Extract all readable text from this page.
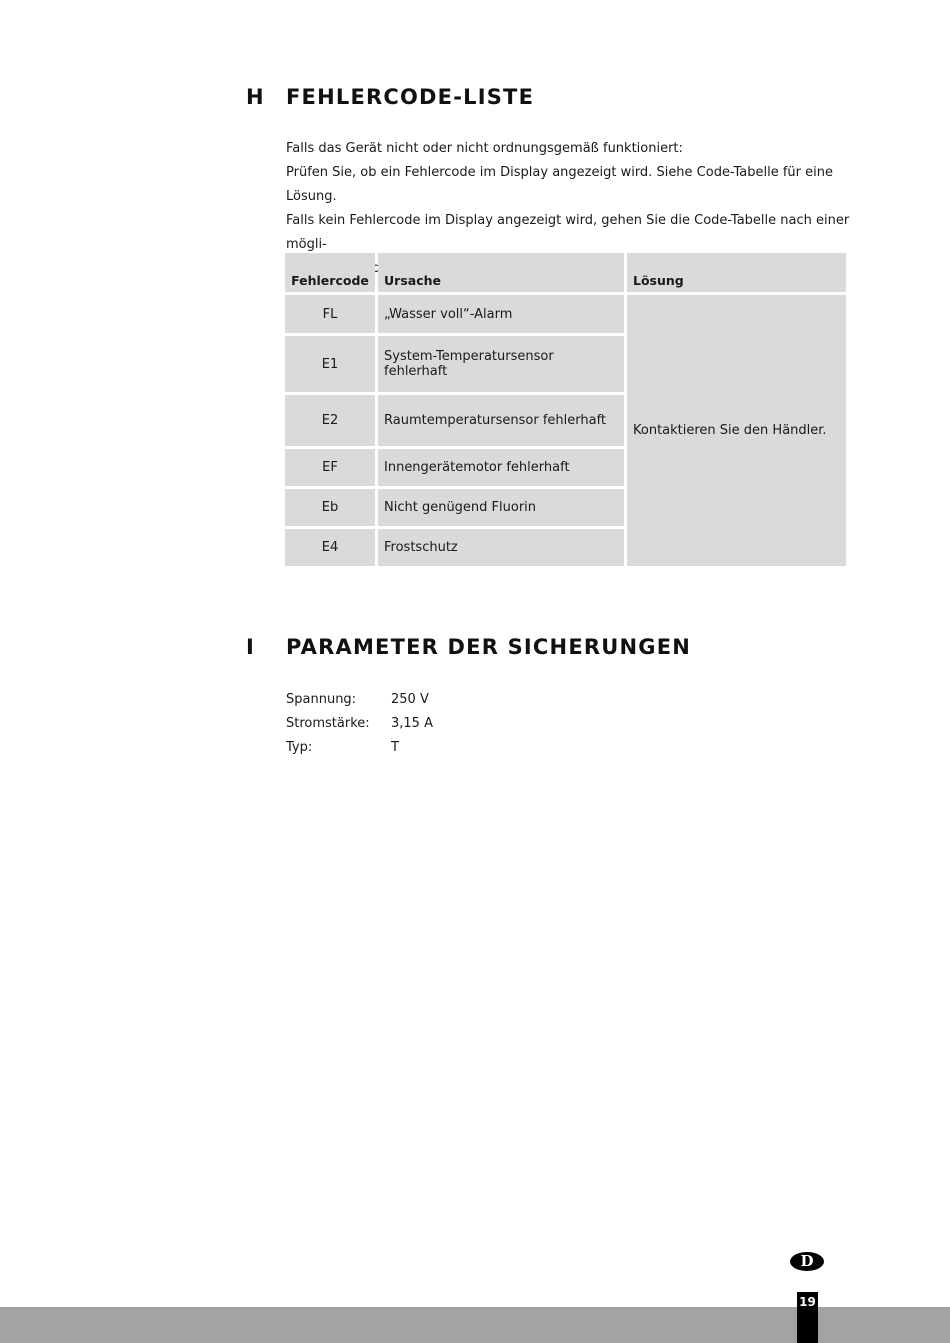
H FEHLERCODE-LISTE

Falls das Gerät nicht oder nicht ordnungsgemäß funktioniert:

Prüfen Sie, ob ein Fehlercode im Display angezeigt wird. Siehe Code-Tabelle für eine Lösung.

Falls kein Fehlercode im Display angezeigt wird, gehen Sie die Code-Tabelle nach einer mögli-

Fehlercode	Ursache	Lösung
FL	„Wasser voll“-Alarm	Kontaktieren Sie den Händler.
E1	System-Temperatursensor fehlerhaft	
E2	Raumtemperatursensor fehlerhaft	
EF	Innengerätemotor fehlerhaft	
Eb	Nicht genügend Fluorin	
E4	Frostschutz	
I PARAMETER DER SICHERUNGEN
Spannung:	250 V
Stromstärke:	3,15 A
Typ:	T
D
19
